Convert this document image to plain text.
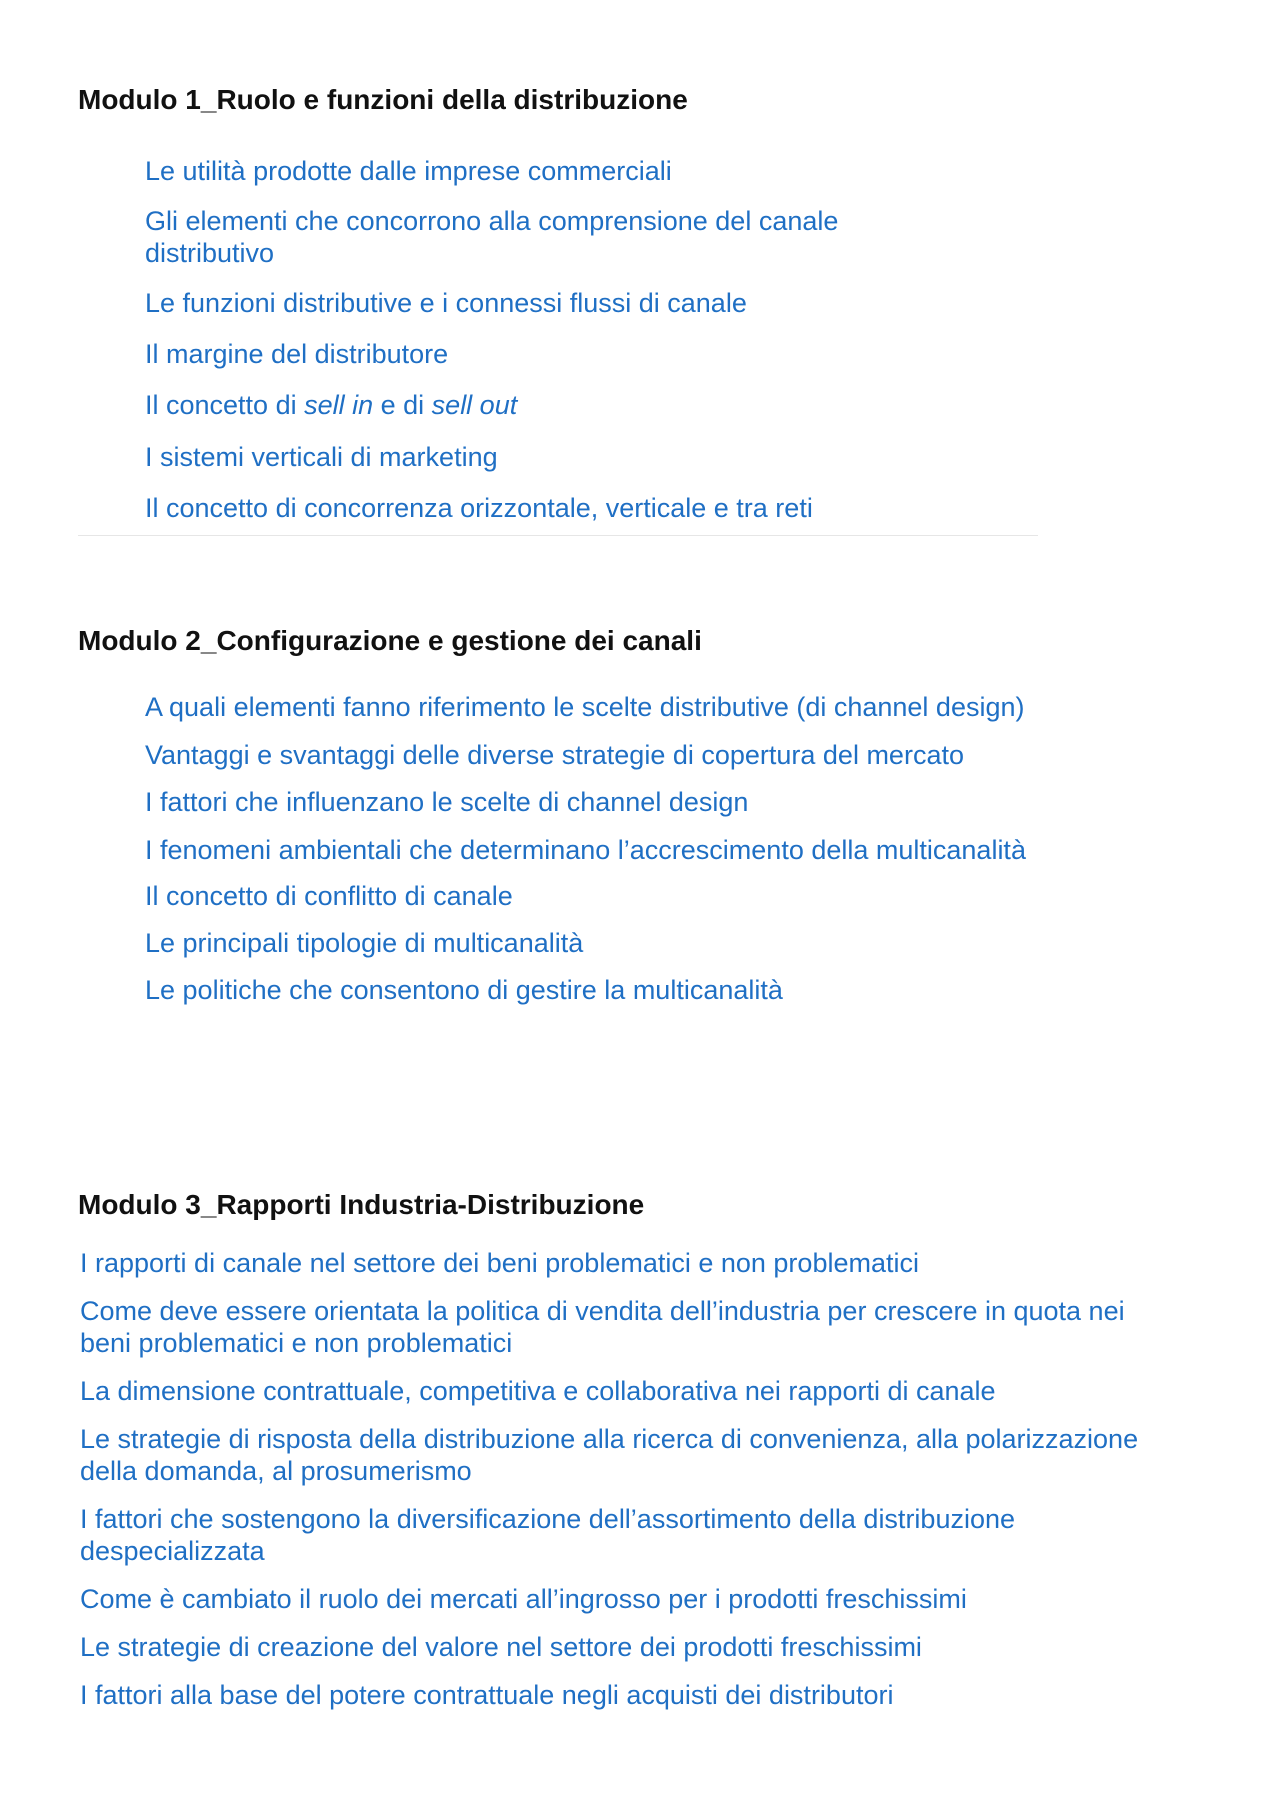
Modulo 1_Ruolo e funzioni della distribuzione
Le utilità prodotte dalle imprese commerciali
Gli elementi che concorrono alla comprensione del canale distributivo
Le funzioni distributive e i connessi flussi di canale
Il margine del distributore
Il concetto di sell in e di sell out
I sistemi verticali di marketing
Il concetto di concorrenza orizzontale, verticale e tra reti
Modulo 2_Configurazione e gestione dei canali
A quali elementi fanno riferimento le scelte distributive (di channel design)
Vantaggi e svantaggi delle diverse strategie di copertura del mercato
I fattori che influenzano le scelte di channel design
I fenomeni ambientali che determinano l’accrescimento della multicanalità
Il concetto di conflitto di canale
Le principali tipologie di multicanalità
Le politiche che consentono di gestire la multicanalità
Modulo 3_Rapporti Industria-Distribuzione
I rapporti di canale nel settore dei beni problematici e non problematici
Come deve essere orientata la politica di vendita dell’industria per crescere in quota nei beni problematici e non problematici
La dimensione contrattuale, competitiva e collaborativa nei rapporti di canale
Le strategie di risposta della distribuzione alla ricerca di convenienza, alla polarizzazione della domanda, al prosumerismo
I fattori che sostengono la diversificazione dell’assortimento della distribuzione despecializzata
Come è cambiato il ruolo dei mercati all’ingrosso per i prodotti freschissimi
Le strategie di creazione del valore nel settore dei prodotti freschissimi
I fattori alla base del potere contrattuale negli acquisti dei distributori
